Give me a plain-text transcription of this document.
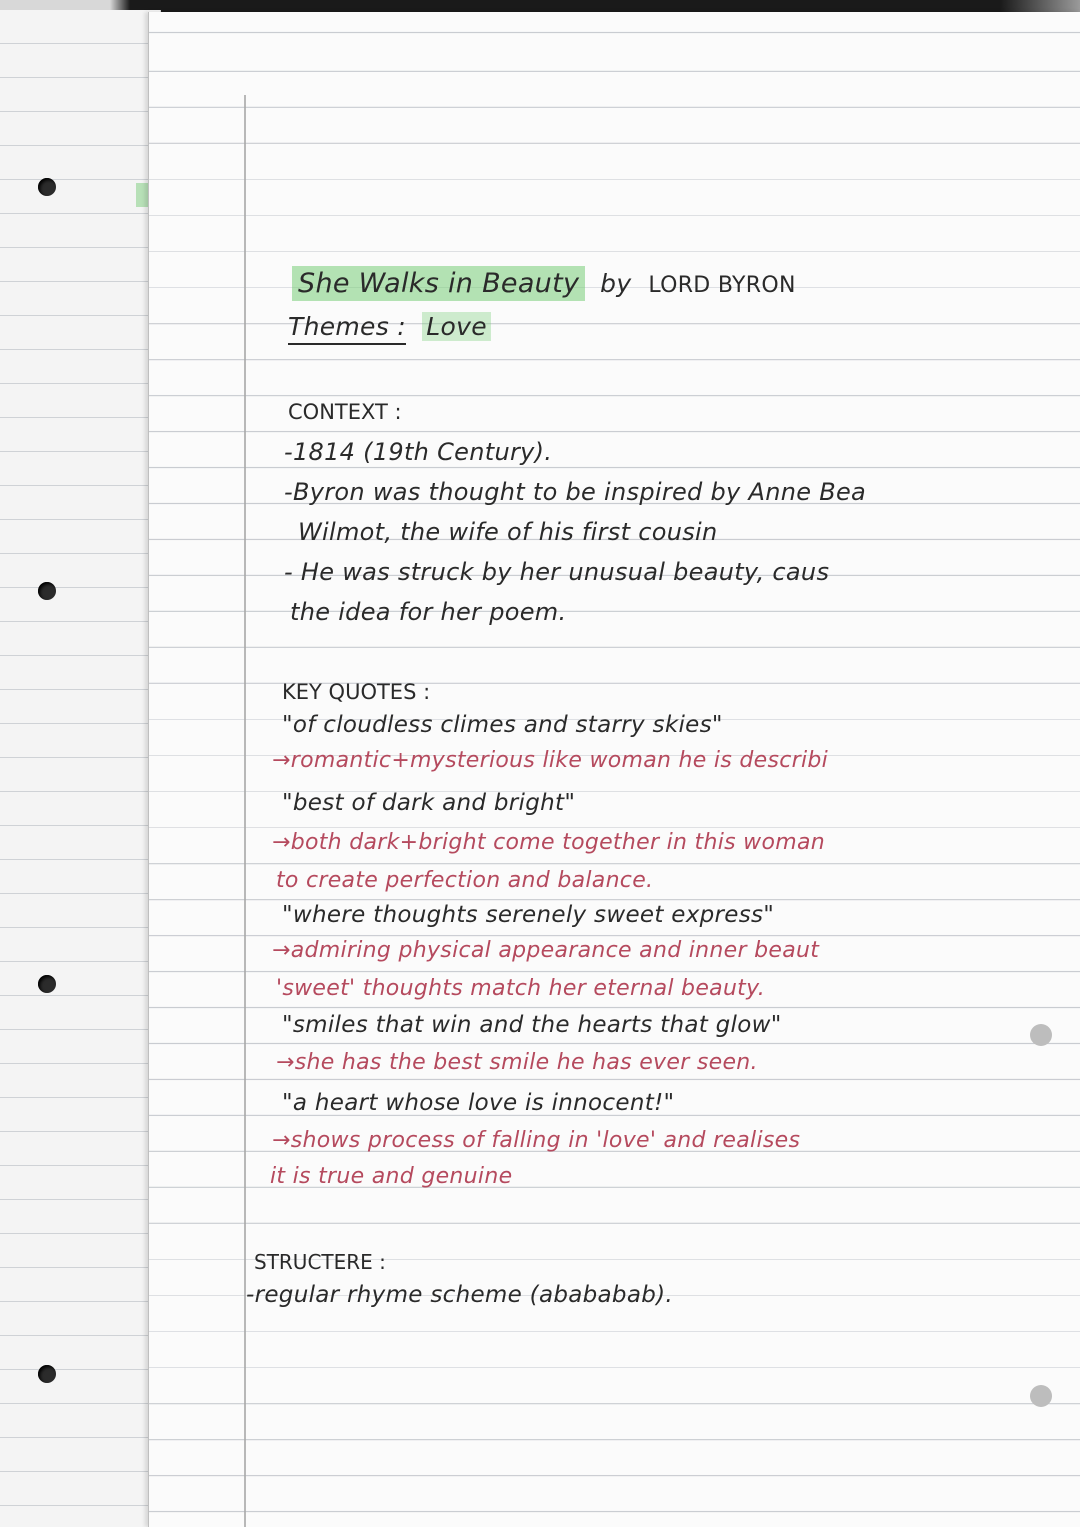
She Walks in Beauty by LORD BYRON
Themes : Love
CONTEXT :
-1814 (19th Century).
-Byron was thought to be inspired by Anne Bea
Wilmot, the wife of his first cousin
- He was struck by her unusual beauty, caus
the idea for her poem.
KEY QUOTES :
"of cloudless climes and starry skies"
→romantic+mysterious like woman he is describi
"best of dark and bright"
→both dark+bright come together in this woman
to create perfection and balance.
"where thoughts serenely sweet express"
→admiring physical appearance and inner beaut
'sweet' thoughts match her eternal beauty.
"smiles that win and the hearts that glow"
→she has the best smile he has ever seen.
"a heart whose love is innocent!"
→shows process of falling in 'love' and realises
it is true and genuine
STRUCTERE :
-regular rhyme scheme (abababab).
